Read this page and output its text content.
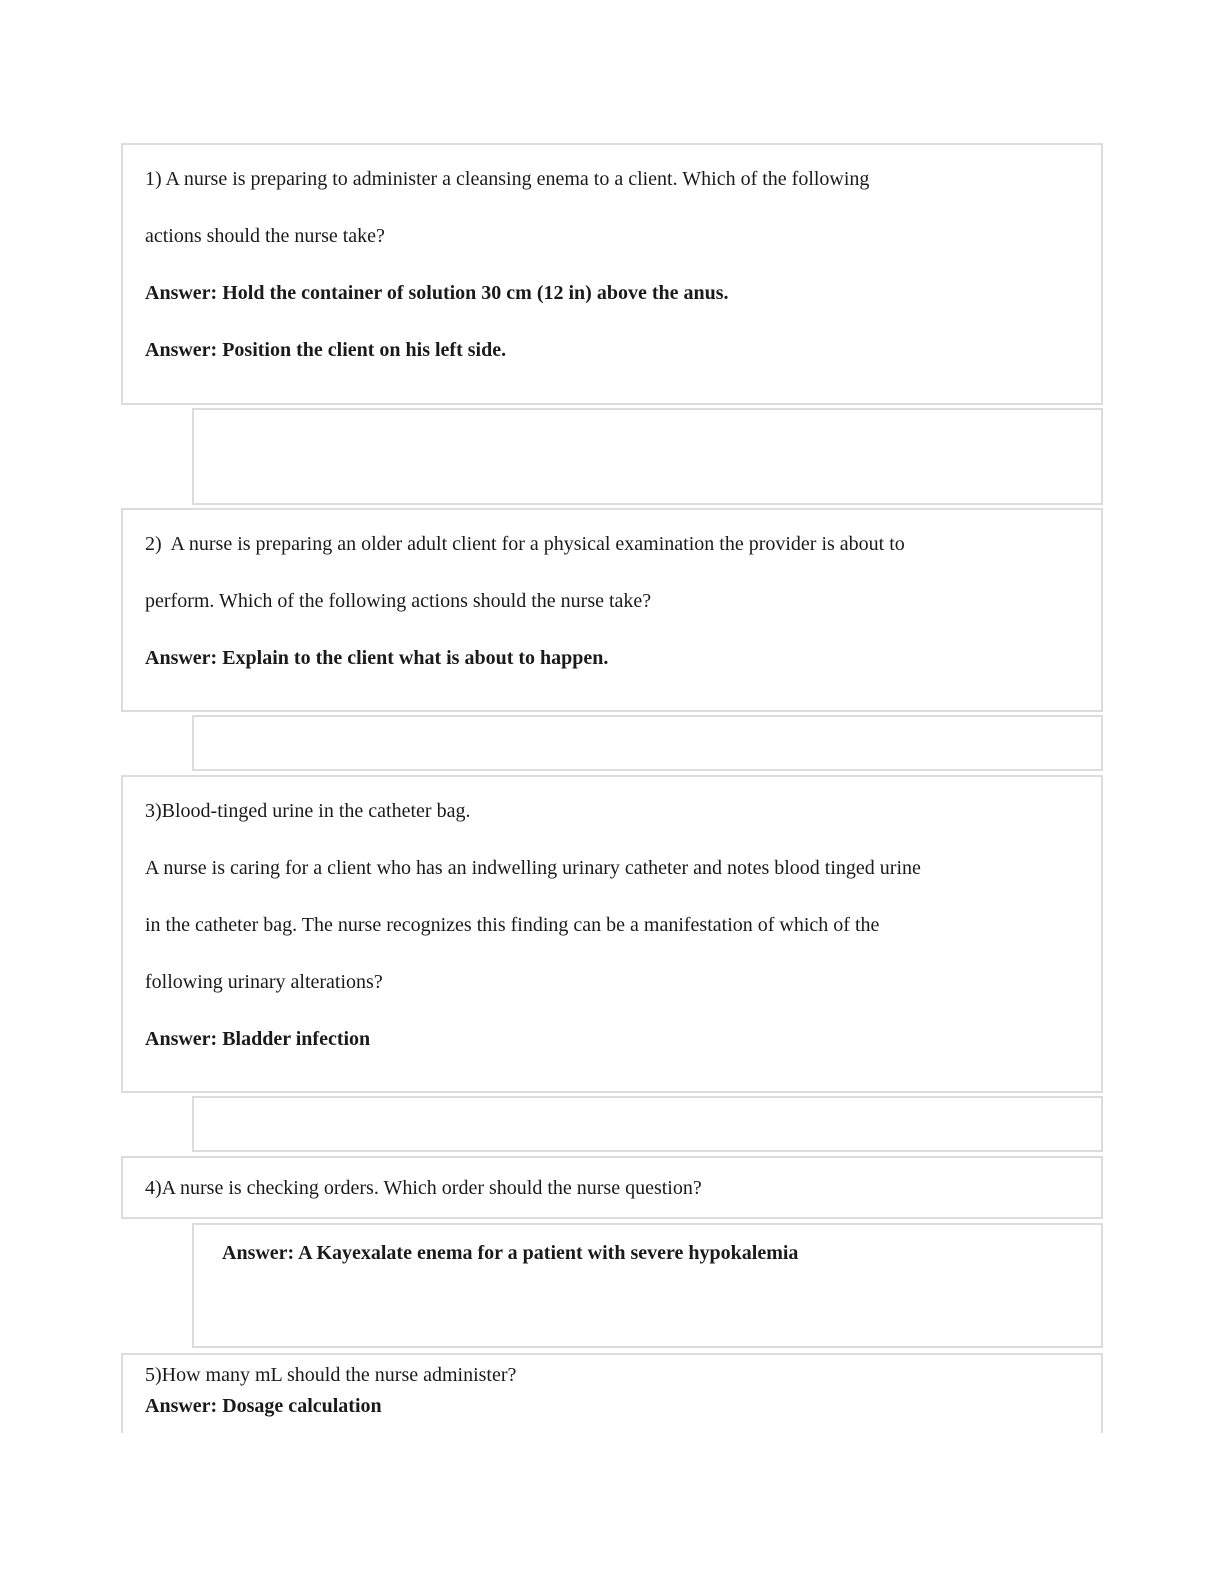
1) A nurse is preparing to administer a cleansing enema to a client. Which of the following
actions should the nurse take?
Answer: Hold the container of solution 30 cm (12 in) above the anus.
Answer: Position the client on his left side.
2)  A nurse is preparing an older adult client for a physical examination the provider is about to
perform. Which of the following actions should the nurse take?
Answer: Explain to the client what is about to happen.
3)Blood-tinged urine in the catheter bag.
A nurse is caring for a client who has an indwelling urinary catheter and notes blood tinged urine
in the catheter bag. The nurse recognizes this finding can be a manifestation of which of the
following urinary alterations?
Answer: Bladder infection
4)A nurse is checking orders. Which order should the nurse question?
Answer: A Kayexalate enema for a patient with severe hypokalemia
5)How many mL should the nurse administer?
Answer: Dosage calculation
